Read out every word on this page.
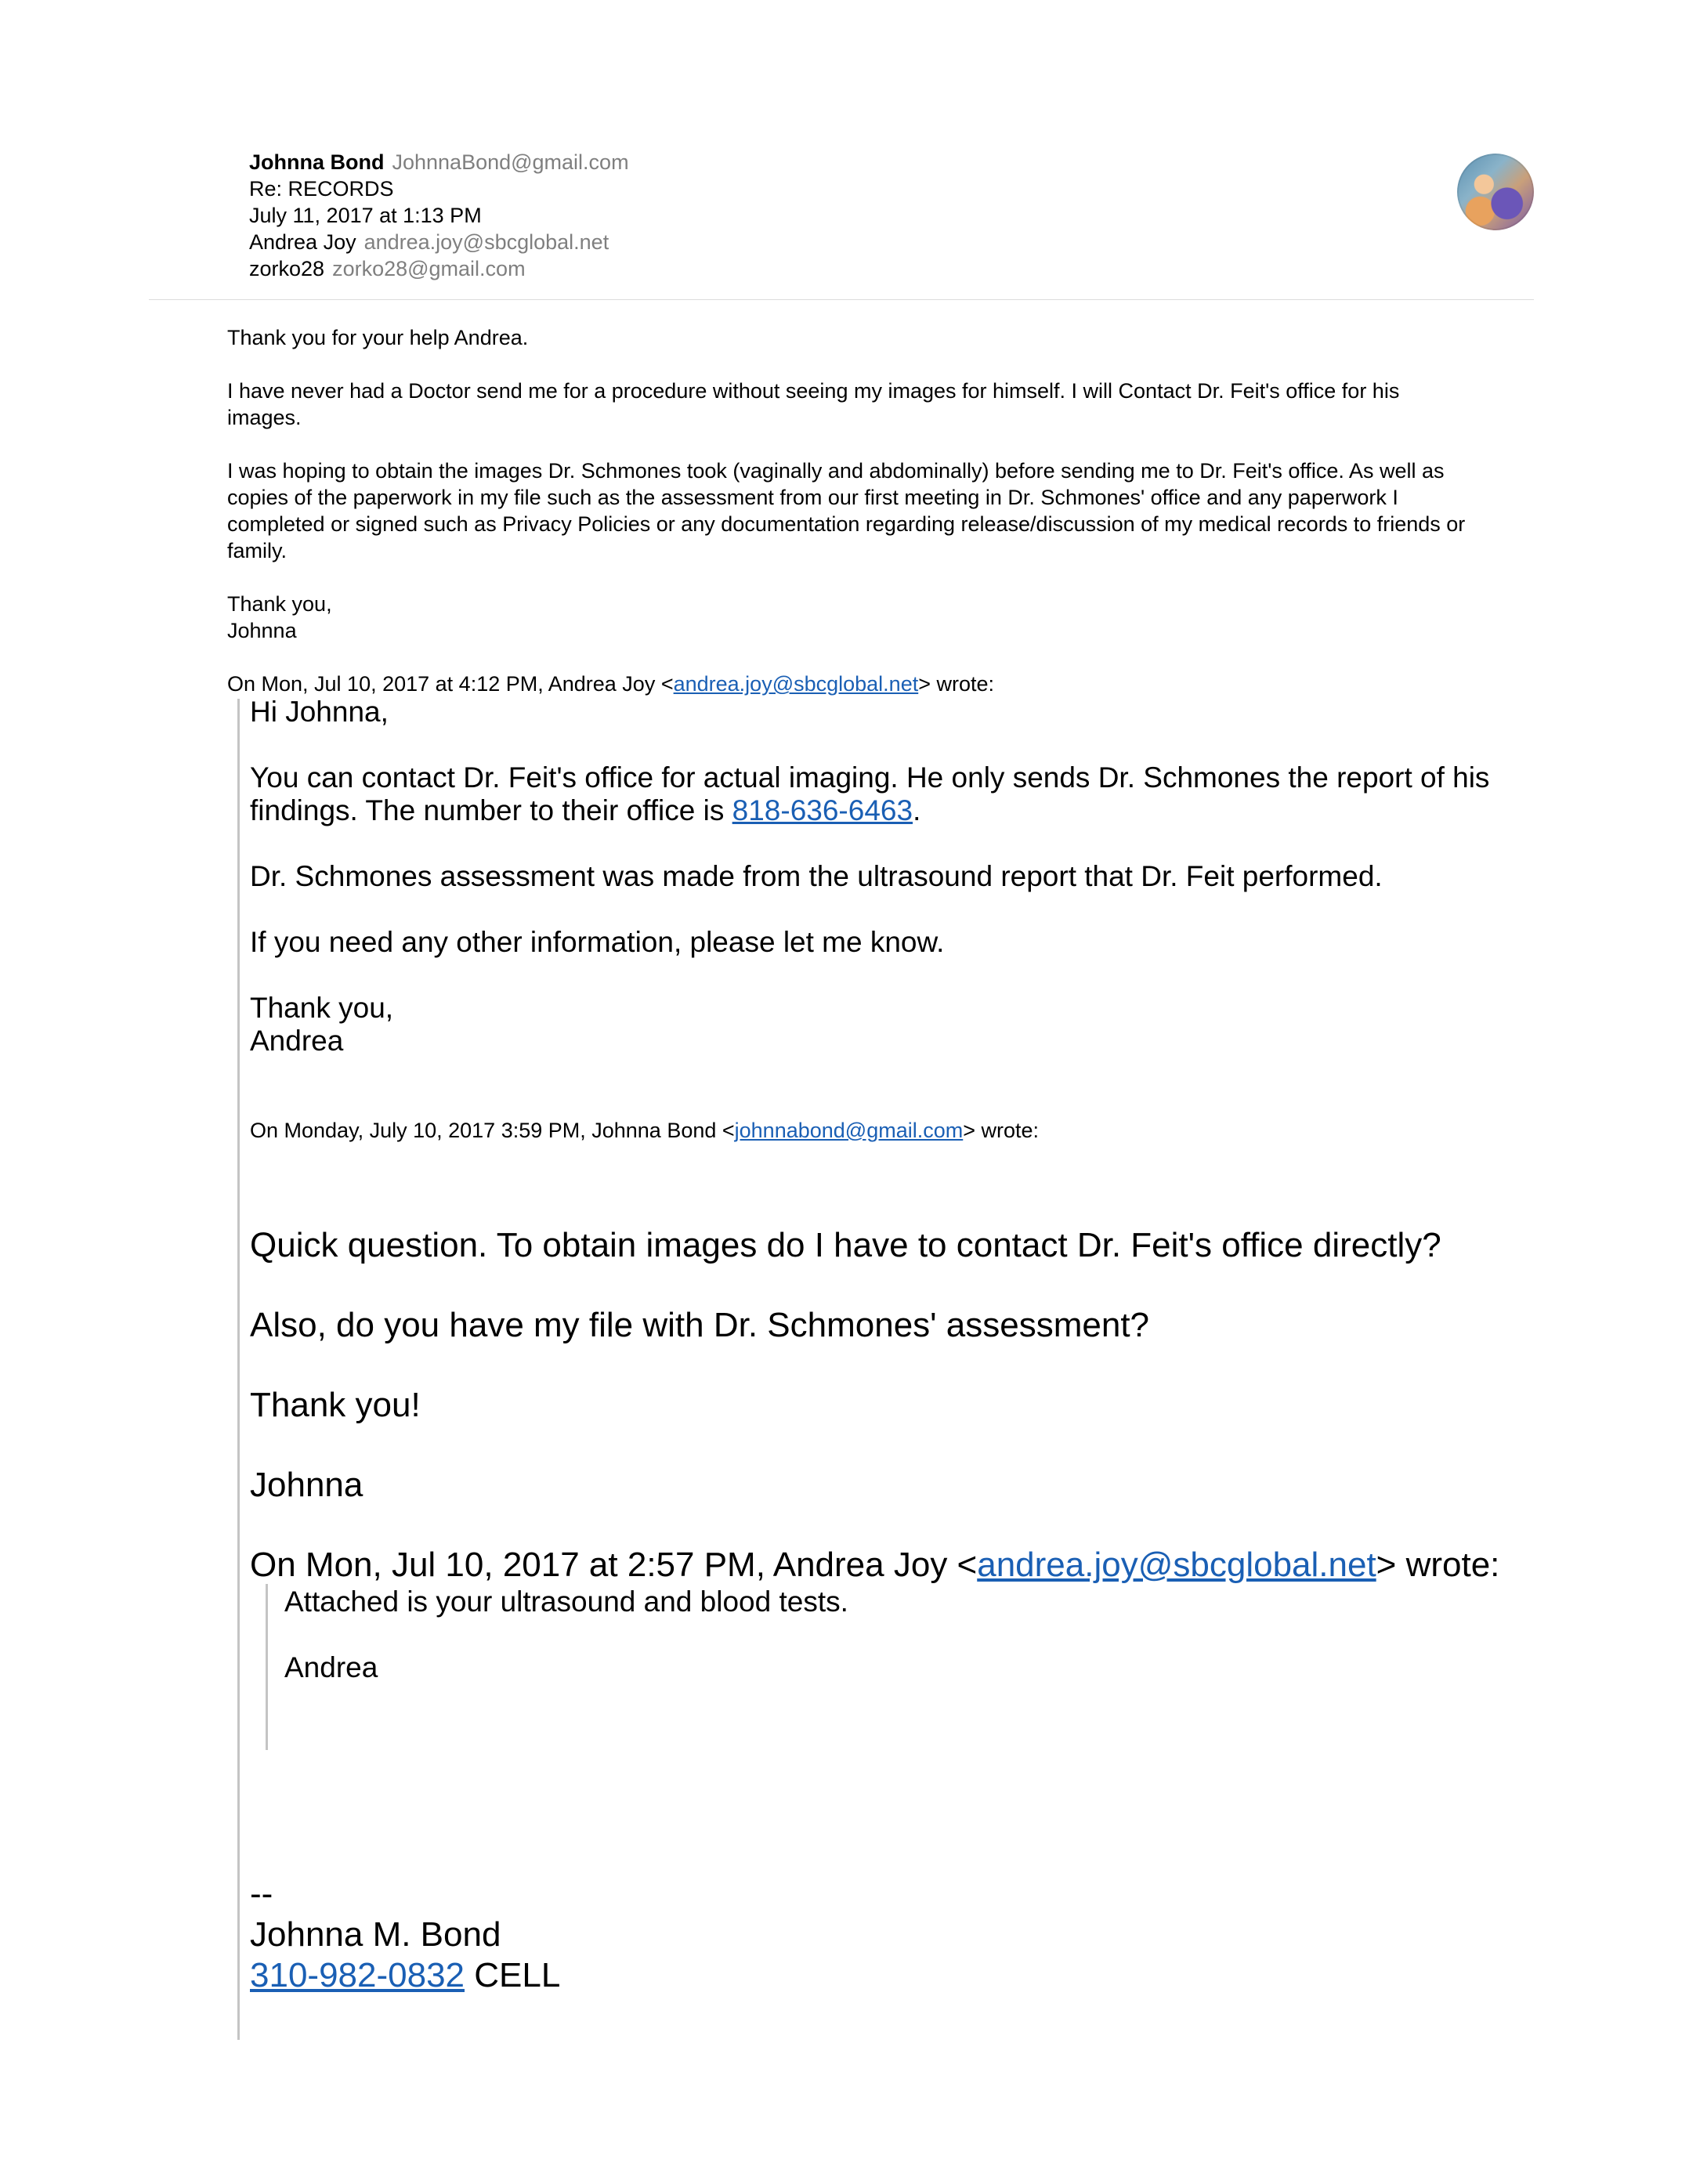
Johnna Bond JohnnaBond@gmail.com
Re: RECORDS
July 11, 2017 at 1:13 PM
Andrea Joy andrea.joy@sbcglobal.net
zorko28 zorko28@gmail.com

Thank you for your help Andrea.

I have never had a Doctor send me for a procedure without seeing my images for himself. I will Contact Dr. Feit's office for his

images.

I was hoping to obtain the images Dr. Schmones took (vaginally and abdominally) before sending me to Dr. Feit's office. As well as

copies of the paperwork in my file such as the assessment from our first meeting in Dr. Schmones' office and any paperwork I

completed or signed such as Privacy Policies or any documentation regarding release/discussion of my medical records to friends or

family.

Thank you,

Johnna

On Mon, Jul 10, 2017 at 4:12 PM, Andrea Joy <andrea.joy@sbcglobal.net> wrote:

Hi Johnna,

You can contact Dr. Feit's office for actual imaging. He only sends Dr. Schmones the report of his

findings. The number to their office is 818-636-6463.

Dr. Schmones assessment was made from the ultrasound report that Dr. Feit performed.

If you need any other information, please let me know.

Thank you,

Andrea

On Monday, July 10, 2017 3:59 PM, Johnna Bond <johnnabond@gmail.com> wrote:

Quick question. To obtain images do I have to contact Dr. Feit's office directly?

Also, do you have my file with Dr. Schmones' assessment?

Thank you!

Johnna

On Mon, Jul 10, 2017 at 2:57 PM, Andrea Joy <andrea.joy@sbcglobal.net> wrote:

Attached is your ultrasound and blood tests.

Andrea

--

Johnna M. Bond

310-982-0832 CELL
